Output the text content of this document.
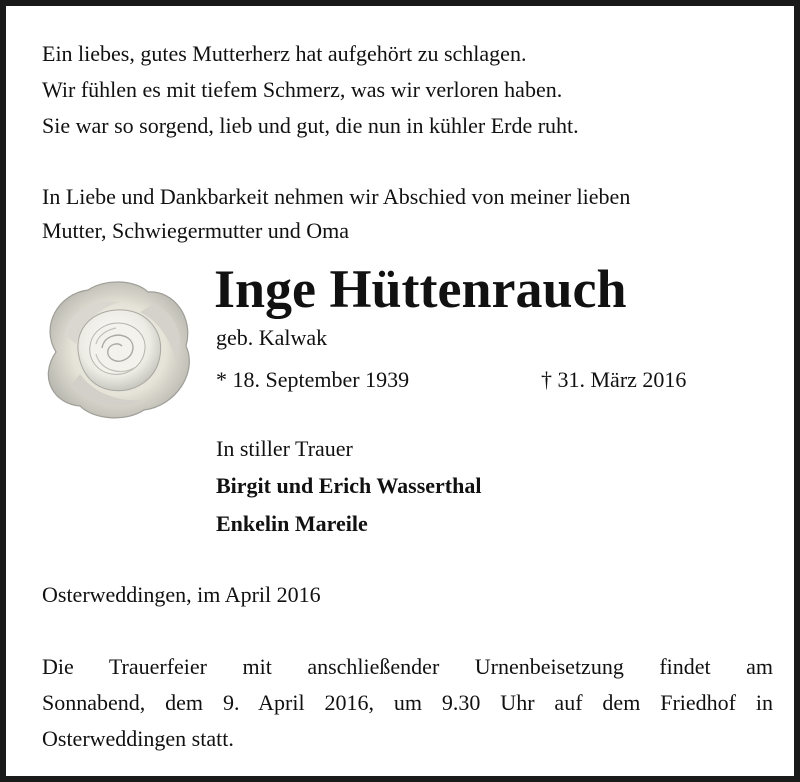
Ein liebes, gutes Mutterherz hat aufgehört zu schlagen.
Wir fühlen es mit tiefem Schmerz, was wir verloren haben.
Sie war so sorgend, lieb und gut, die nun in kühler Erde ruht.
In Liebe und Dankbarkeit nehmen wir Abschied von meiner lieben
Mutter, Schwiegermutter und Oma
Inge Hüttenrauch
geb. Kalwak
* 18. September 1939	† 31. März 2016
In stiller Trauer
Birgit und Erich Wasserthal
Enkelin Mareile
Osterweddingen, im April 2016
Die Trauerfeier mit anschließender Urnenbeisetzung findet am
Sonnabend, dem 9. April 2016, um 9.30 Uhr auf dem Friedhof in
Osterweddingen statt.
